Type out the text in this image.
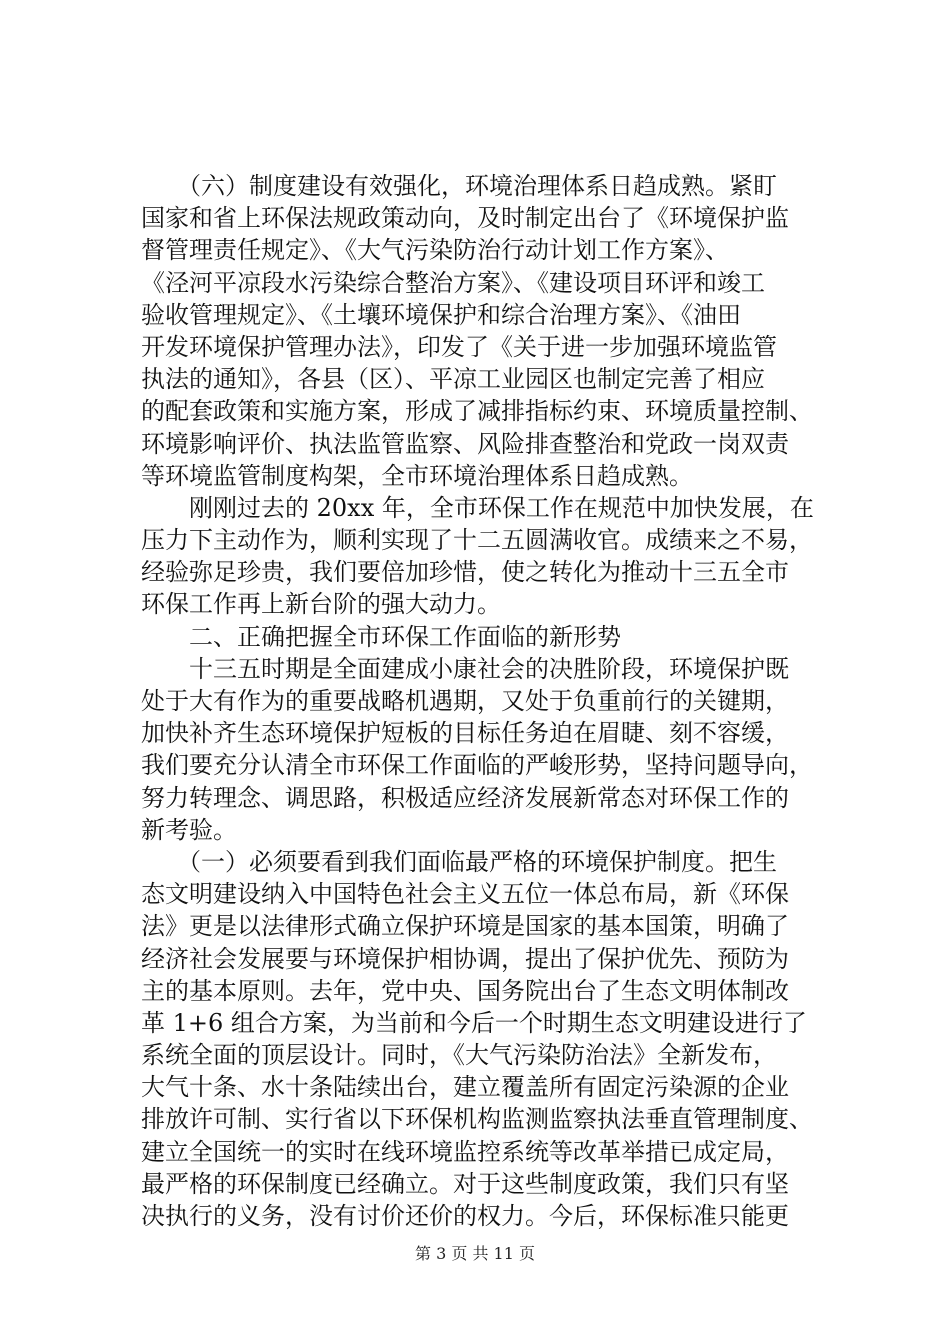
　　（六）制度建设有效强化，环境治理体系日趋成熟。紧盯
国家和省上环保法规政策动向，及时制定出台了《环境保护监
督管理责任规定》、《大气污染防治行动计划工作方案》、
《泾河平凉段水污染综合整治方案》、《建设项目环评和竣工
验收管理规定》、《土壤环境保护和综合治理方案》、《油田
开发环境保护管理办法》，印发了《关于进一步加强环境监管
执法的通知》，各县（区）、平凉工业园区也制定完善了相应
的配套政策和实施方案，形成了减排指标约束、环境质量控制、
环境影响评价、执法监管监察、风险排查整治和党政一岗双责
等环境监管制度构架，全市环境治理体系日趋成熟。
　　刚刚过去的 20xx 年，全市环保工作在规范中加快发展，在
压力下主动作为，顺利实现了十二五圆满收官。成绩来之不易，
经验弥足珍贵，我们要倍加珍惜，使之转化为推动十三五全市
环保工作再上新台阶的强大动力。
　　二、正确把握全市环保工作面临的新形势
　　十三五时期是全面建成小康社会的决胜阶段，环境保护既
处于大有作为的重要战略机遇期，又处于负重前行的关键期，
加快补齐生态环境保护短板的目标任务迫在眉睫、刻不容缓，
我们要充分认清全市环保工作面临的严峻形势，坚持问题导向，
努力转理念、调思路，积极适应经济发展新常态对环保工作的
新考验。
　　（一）必须要看到我们面临最严格的环境保护制度。把生
态文明建设纳入中国特色社会主义五位一体总布局，新《环保
法》更是以法律形式确立保护环境是国家的基本国策，明确了
经济社会发展要与环境保护相协调，提出了保护优先、预防为
主的基本原则。去年，党中央、国务院出台了生态文明体制改
革 1+6 组合方案，为当前和今后一个时期生态文明建设进行了
系统全面的顶层设计。同时，《大气污染防治法》全新发布，
大气十条、水十条陆续出台，建立覆盖所有固定污染源的企业
排放许可制、实行省以下环保机构监测监察执法垂直管理制度、
建立全国统一的实时在线环境监控系统等改革举措已成定局，
最严格的环保制度已经确立。对于这些制度政策，我们只有坚
决执行的义务，没有讨价还价的权力。今后，环保标准只能更
第 3 页 共 11 页
